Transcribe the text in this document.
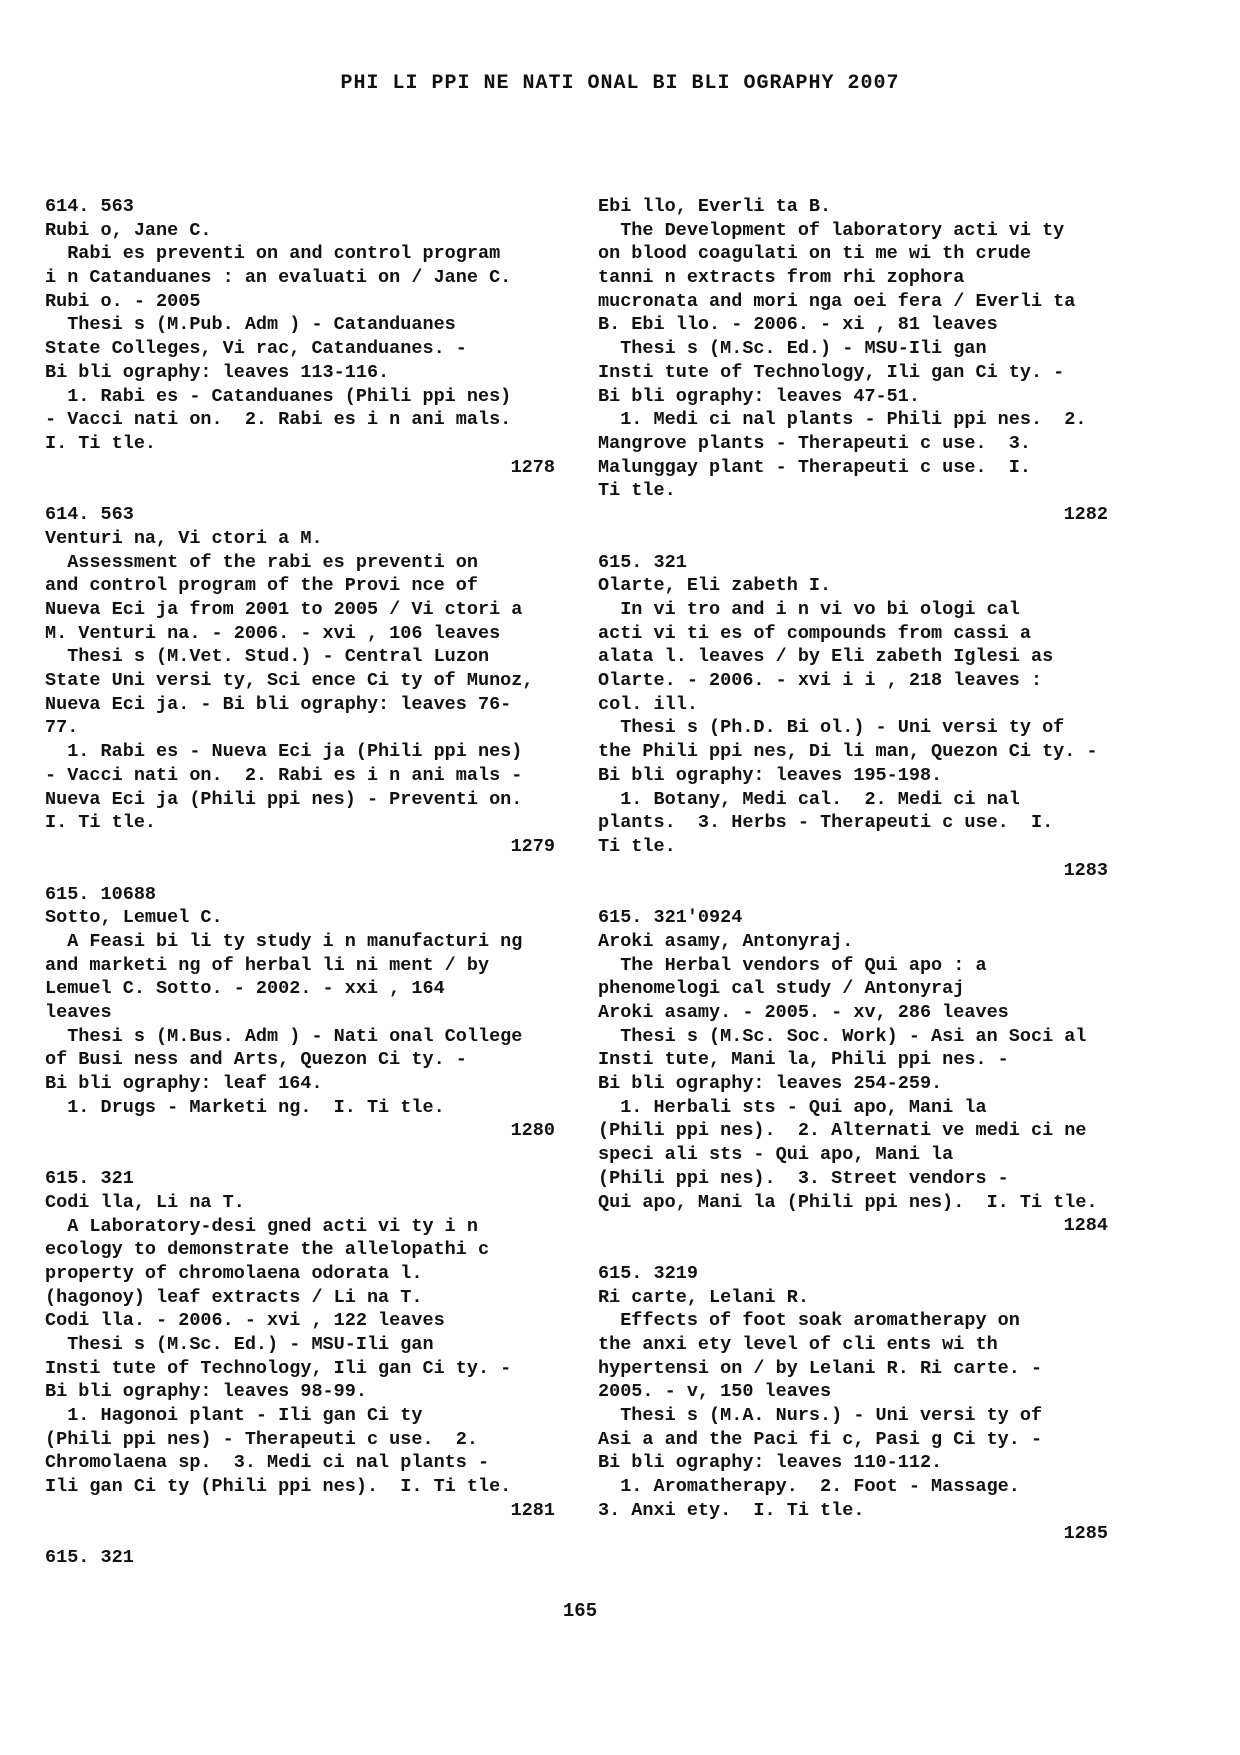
PHI LI PPI NE NATI ONAL BI BLI OGRAPHY 2007
614. 563
Rubi o, Jane C.
Rabi es preventi on and control program
i n Catanduanes : an evaluati on / Jane C.
Rubi o. - 2005
Thesi s (M.Pub. Adm ) - Catanduanes
State Colleges, Vi rac, Catanduanes. -
Bi bli ography: leaves 113-116.
1. Rabi es - Catanduanes (Phili ppi nes)
- Vacci nati on.  2. Rabi es i n ani mals.
I. Ti tle.
1278
614. 563
Venturi na, Vi ctori a M.
Assessment of the rabi es preventi on
and control program of the Provi nce of
Nueva Eci ja from 2001 to 2005 / Vi ctori a
M. Venturi na. - 2006. - xvi , 106 leaves
Thesi s (M.Vet. Stud.) - Central Luzon
State Uni versi ty, Sci ence Ci ty of Munoz,
Nueva Eci ja. - Bi bli ography: leaves 76-
77.
1. Rabi es - Nueva Eci ja (Phili ppi nes)
- Vacci nati on.  2. Rabi es i n ani mals -
Nueva Eci ja (Phili ppi nes) - Preventi on.
I. Ti tle.
1279
615. 10688
Sotto, Lemuel C.
A Feasi bi li ty study i n manufacturi ng
and marketi ng of herbal li ni ment / by
Lemuel C. Sotto. - 2002. - xxi , 164
leaves
Thesi s (M.Bus. Adm ) - Nati onal College
of Busi ness and Arts, Quezon Ci ty. -
Bi bli ography: leaf 164.
1. Drugs - Marketi ng.  I. Ti tle.
1280
615. 321
Codi lla, Li na T.
A Laboratory-desi gned acti vi ty i n
ecology to demonstrate the allelopathi c
property of chromolaena odorata l.
(hagonoy) leaf extracts / Li na T.
Codi lla. - 2006. - xvi , 122 leaves
Thesi s (M.Sc. Ed.) - MSU-Ili gan
Insti tute of Technology, Ili gan Ci ty. -
Bi bli ography: leaves 98-99.
1. Hagonoi plant - Ili gan Ci ty
(Phili ppi nes) - Therapeuti c use.  2.
Chromolaena sp.  3. Medi ci nal plants -
Ili gan Ci ty (Phili ppi nes).  I. Ti tle.
1281
615. 321
Ebi llo, Everli ta B.
The Development of laboratory acti vi ty
on blood coagulati on ti me wi th crude
tanni n extracts from rhi zophora
mucronata and mori nga oei fera / Everli ta
B. Ebi llo. - 2006. - xi , 81 leaves
Thesi s (M.Sc. Ed.) - MSU-Ili gan
Insti tute of Technology, Ili gan Ci ty. -
Bi bli ography: leaves 47-51.
1. Medi ci nal plants - Phili ppi nes.  2.
Mangrove plants - Therapeuti c use.  3.
Malunggay plant - Therapeuti c use.  I.
Ti tle.
1282
615. 321
Olarte, Eli zabeth I.
In vi tro and i n vi vo bi ologi cal
acti vi ti es of compounds from cassi a
alata l. leaves / by Eli zabeth Iglesi as
Olarte. - 2006. - xvi i i , 218 leaves :
col. ill.
Thesi s (Ph.D. Bi ol.) - Uni versi ty of
the Phili ppi nes, Di li man, Quezon Ci ty. -
Bi bli ography: leaves 195-198.
1. Botany, Medi cal.  2. Medi ci nal
plants.  3. Herbs - Therapeuti c use.  I.
Ti tle.
1283
615. 321'0924
Aroki asamy, Antonyraj.
The Herbal vendors of Qui apo : a
phenomelogi cal study / Antonyraj
Aroki asamy. - 2005. - xv, 286 leaves
Thesi s (M.Sc. Soc. Work) - Asi an Soci al
Insti tute, Mani la, Phili ppi nes. -
Bi bli ography: leaves 254-259.
1. Herbali sts - Qui apo, Mani la
(Phili ppi nes).  2. Alternati ve medi ci ne
speci ali sts - Qui apo, Mani la
(Phili ppi nes).  3. Street vendors -
Qui apo, Mani la (Phili ppi nes).  I. Ti tle.
1284
615. 3219
Ri carte, Lelani R.
Effects of foot soak aromatherapy on
the anxi ety level of cli ents wi th
hypertensi on / by Lelani R. Ri carte. -
2005. - v, 150 leaves
Thesi s (M.A. Nurs.) - Uni versi ty of
Asi a and the Paci fi c, Pasi g Ci ty. -
Bi bli ography: leaves 110-112.
1. Aromatherapy.  2. Foot - Massage.
3. Anxi ety.  I. Ti tle.
1285
165
